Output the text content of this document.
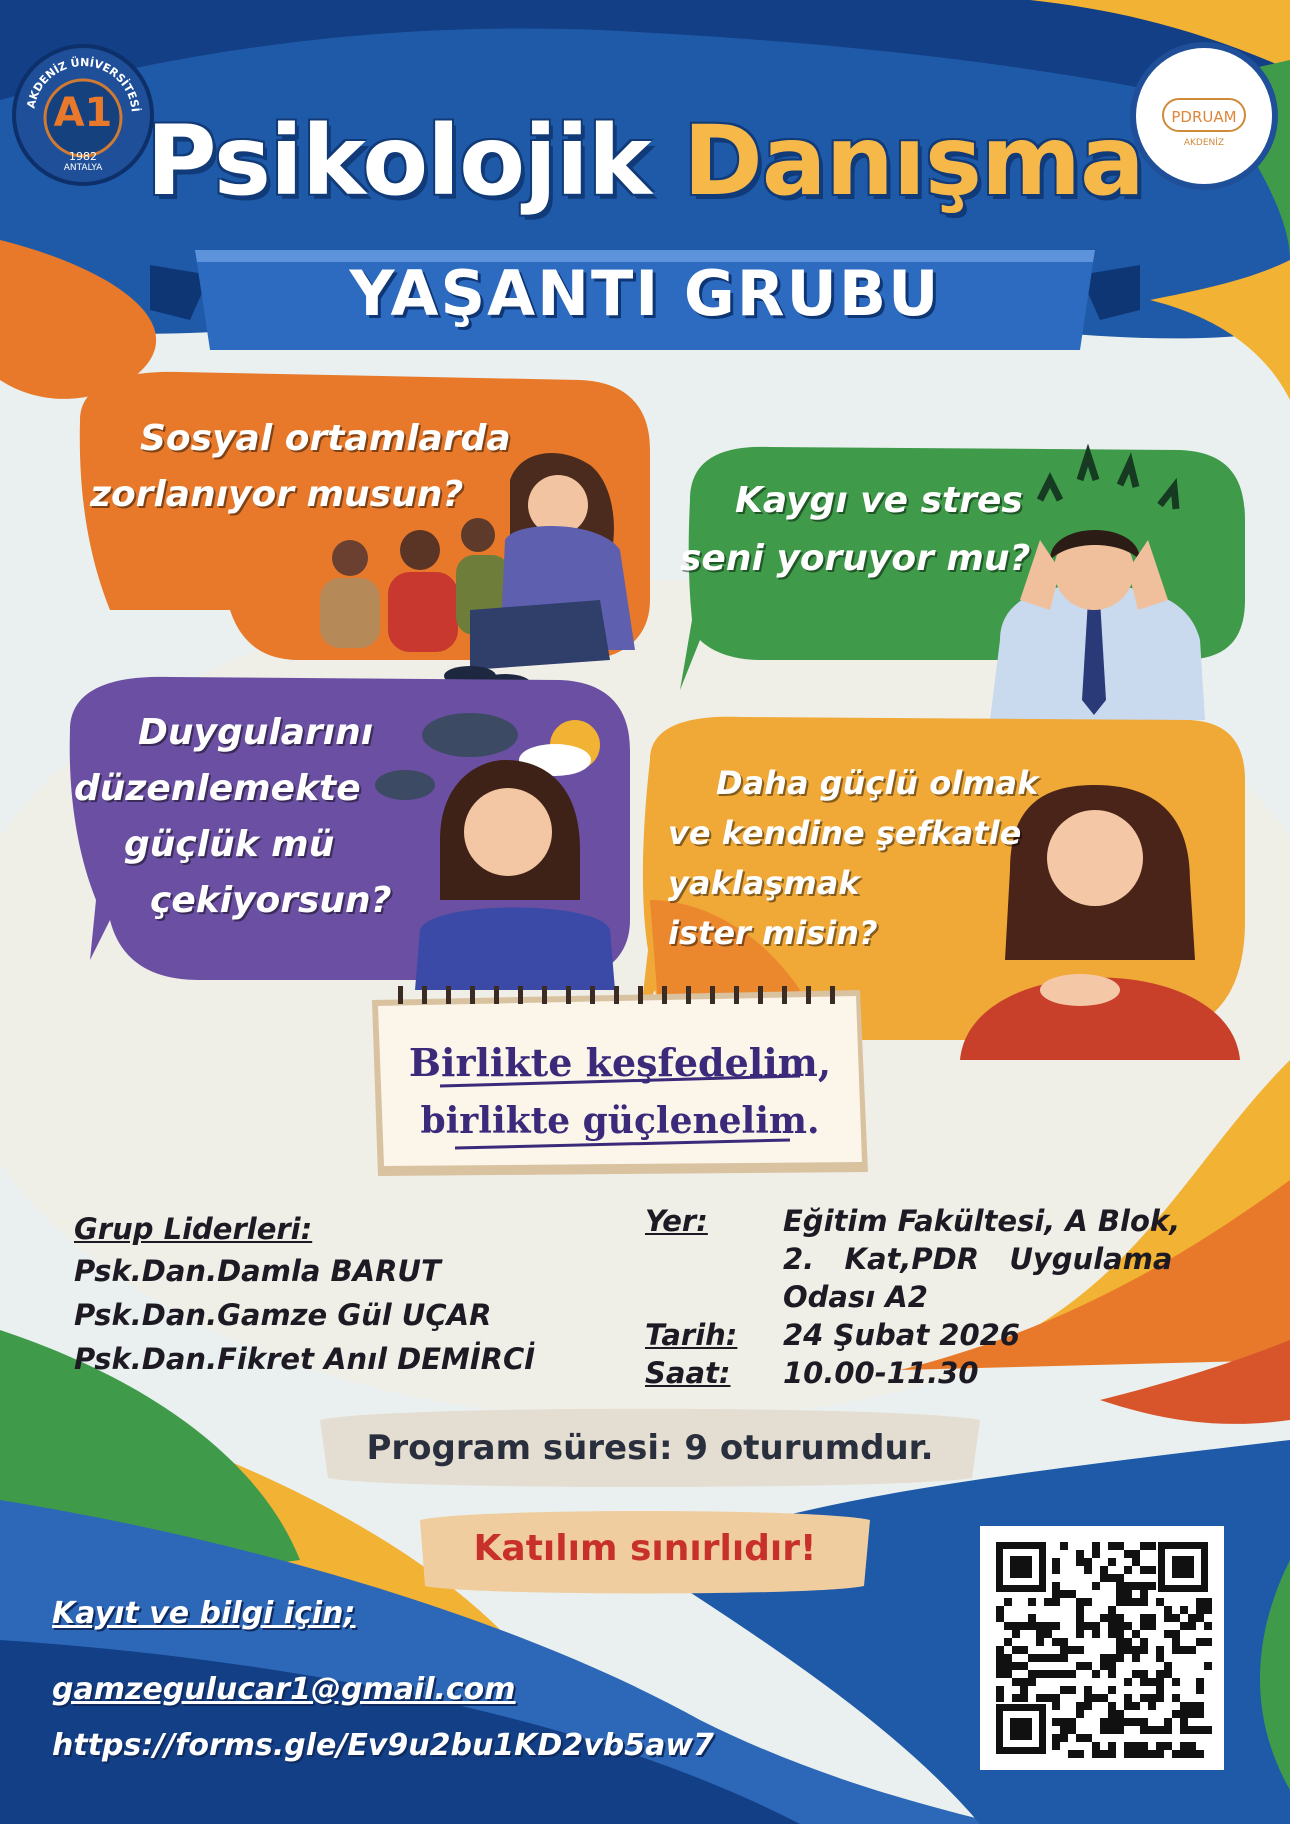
AKDENİZ ÜNİVERSİTESİ
A1
1982
ANTALYA
PDRUAM
AKDENİZ
Psikolojik Danışma
YAŞANTI GRUBU
Sosyal ortamlarda
zorlanıyor musun?	Kaygı ve stres
seni yoruyor mu?
Duygularını
düzenlemekte
güçlük mü
çekiyorsun?
Daha güçlü olmak
ve kendine şefkatle
yaklaşmak
ister misin?
Birlikte keşfedelim,
birlikte güçlenelim.
Grup Liderleri:
Psk.Dan.Damla BARUT
Psk.Dan.Gamze Gül UÇAR
Psk.Dan.Fikret Anıl DEMİRCİ
Yer:	Eğitim Fakültesi, A Blok,
2.   Kat,PDR   Uygulama
Odası A2
Tarih: 24 Şubat 2026
Saat: 10.00-11.30
Program süresi: 9 oturumdur.
Katılım sınırlıdır!
Kayıt ve bilgi için;
gamzegulucar1@gmail.com
https://forms.gle/Ev9u2bu1KD2vb5aw7
